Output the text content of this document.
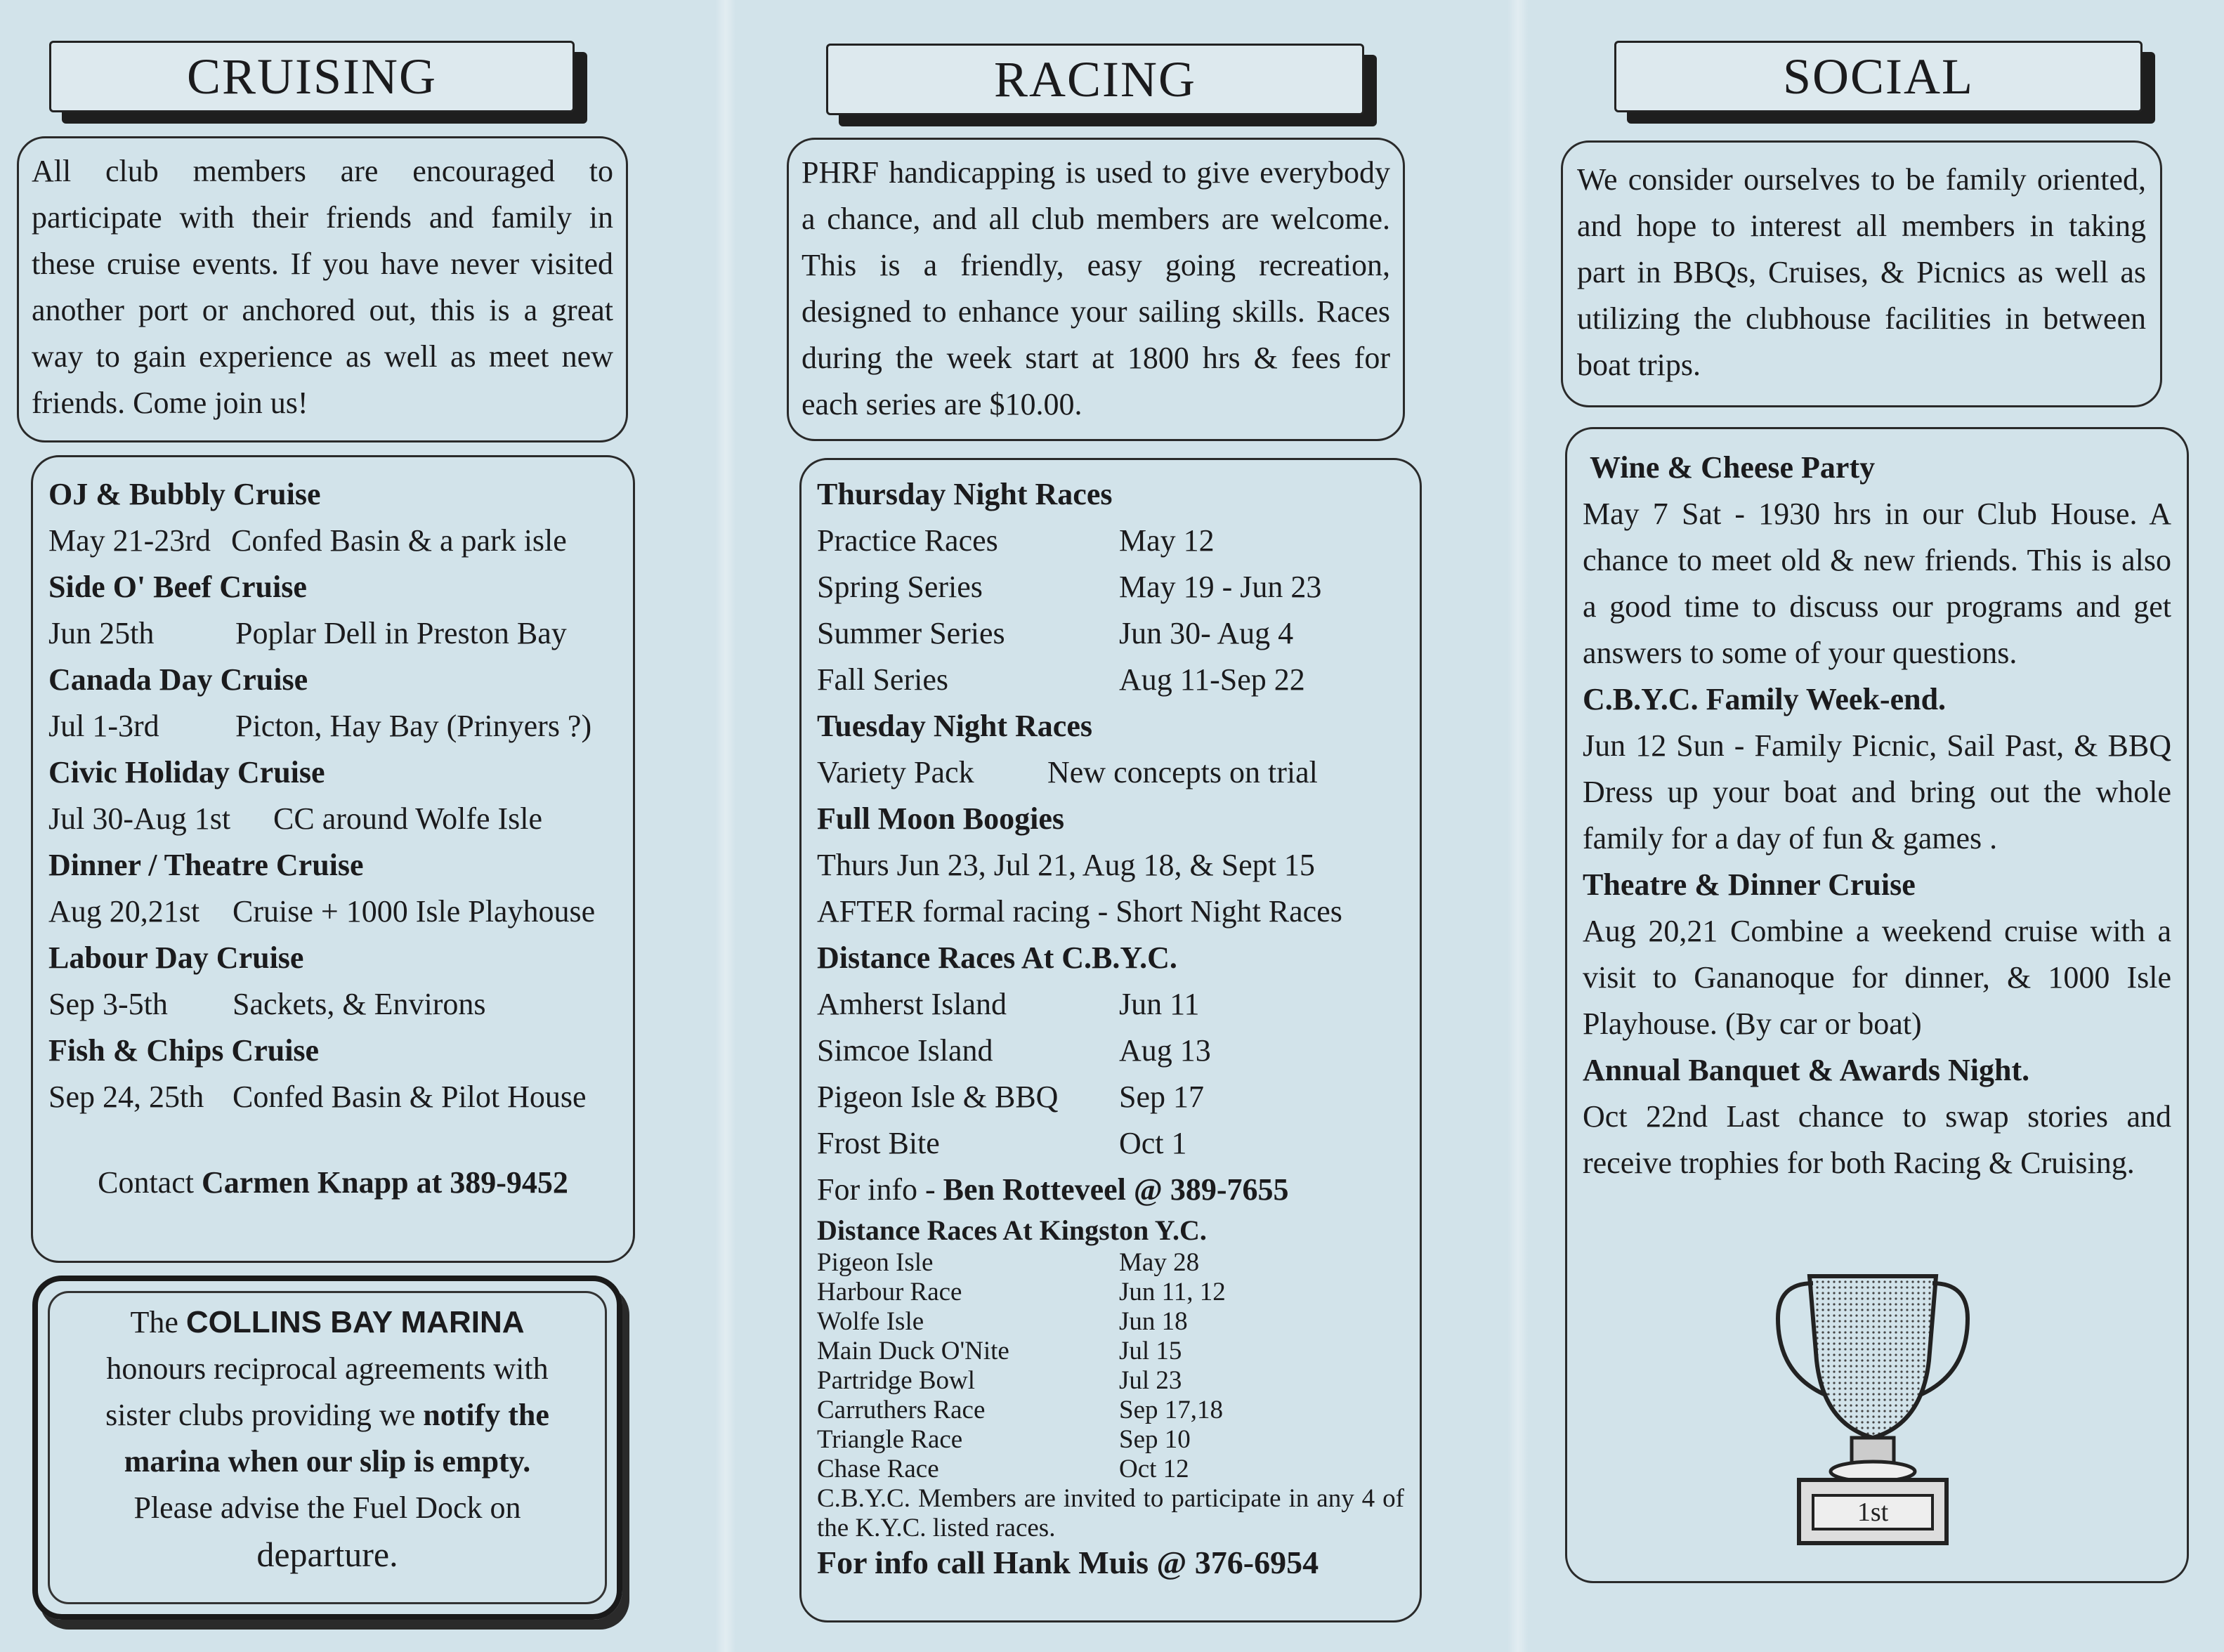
CRUISING
All club members are encouraged to participate with their friends and family in these cruise events. If you have never visited another port or anchored out, this is a great way to gain experience as well as meet new friends. Come join us!
OJ & Bubbly Cruise
May 21-23rd Confed Basin & a park isle
Side O' Beef Cruise
Jun 25th	Poplar Dell in Preston Bay
Canada Day Cruise
Jul 1-3rd	Picton, Hay Bay (Prinyers ?)
Civic Holiday Cruise
Jul 30-Aug 1st	CC around Wolfe Isle
Dinner / Theatre Cruise
Aug 20,21st	Cruise + 1000 Isle Playhouse
Labour Day Cruise
Sep 3-5th	Sackets, & Environs
Fish & Chips Cruise
Sep 24, 25th Confed Basin & Pilot House
Contact Carmen Knapp at 389-9452

The COLLINS BAY MARINA

honours reciprocal agreements with

sister clubs providing we notify the

marina when our slip is empty.

Please advise the Fuel Dock on

departure.

RACING
PHRF handicapping is used to give everybody a chance, and all club members are welcome. This is a friendly, easy going recreation, designed to enhance your sailing skills. Races during the week start at 1800 hrs & fees for each series are $10.00.
Thursday Night Races
Practice Races	May 12
Spring Series	May 19 - Jun 23
Summer Series	Jun 30- Aug 4
Fall Series	Aug 11-Sep 22
Tuesday Night Races
Variety Pack	New concepts on trial
Full Moon Boogies
Thurs Jun 23, Jul 21, Aug 18, & Sept 15
AFTER formal racing - Short Night Races
Distance Races At C.B.Y.C.
Amherst Island	Jun 11
Simcoe Island	Aug 13
Pigeon Isle & BBQ	Sep 17
Frost Bite	Oct 1
For info - Ben Rotteveel @ 389-7655
Distance Races At Kingston Y.C.
Pigeon Isle	May 28
Harbour Race	Jun 11, 12
Wolfe Isle	Jun 18
Main Duck O'Nite	Jul 15
Partridge Bowl	Jul 23
Carruthers Race	Sep 17,18
Triangle Race	Sep 10
Chase Race	Oct 12
C.B.Y.C. Members are invited to participate in any 4 of the K.Y.C. listed races.
For info call Hank Muis @ 376-6954
SOCIAL
We consider ourselves to be family oriented, and hope to interest all members in taking part in BBQs, Cruises, & Picnics as well as utilizing the clubhouse facilities in between boat trips.
Wine & Cheese Party
May 7 Sat - 1930 hrs in our Club House. A chance to meet old & new friends. This is also a good time to discuss our programs and get answers to some of your questions.
C.B.Y.C. Family Week-end.
Jun 12 Sun - Family Picnic, Sail Past, & BBQ Dress up your boat and bring out the whole family for a day of fun & games .
Theatre & Dinner Cruise
Aug 20,21 Combine a weekend cruise with a visit to Gananoque for dinner, & 1000 Isle Playhouse. (By car or boat)
Annual Banquet & Awards Night.
Oct 22nd Last chance to swap stories and receive trophies for both Racing & Cruising.
1st
